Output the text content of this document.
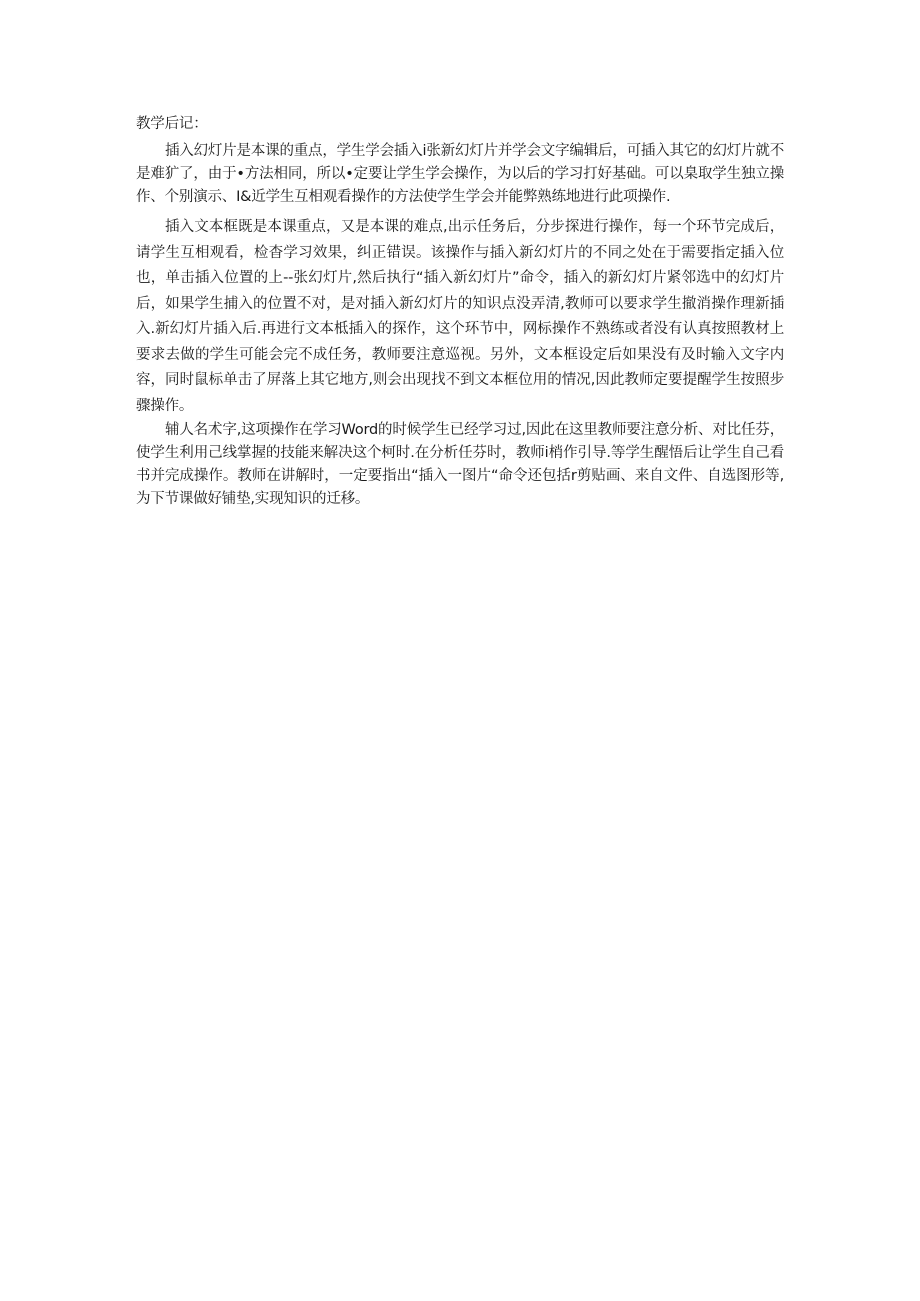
教学后记：

插入幻灯片是本课的重点，学生学会插入i张新幻灯片并学会文字编辑后，可插入其它的幻灯片就不是难犷了，由于•方法相同，所以•定要让学生学会操作，为以后的学习打好基础。可以臬取学生独立操作、个别演示、I&近学生互相观看操作的方法使学生学会并能弊熟练地进行此项操作.

插入文本框既是本课重点，又是本课的难点,出示任务后，分步探进行操作，每一个环节完成后，请学生互相观看，检杳学习效果，纠正错误。该操作与插入新幻灯片的不同之处在于需要指定插入位也，单击插入位置的上--张幻灯片,然后执行“插入新幻灯片”命令，插入的新幻灯片紧邻选中的幻灯片后，如果学生捕入的位置不对，是对插入新幻灯片的知识点没弄清,教师可以要求学生撤消操作理新插入.新幻灯片插入后.再进行文本柢插入的探作，这个环节中，网标操作不熟练或者没有认真按照教材上要求去做的学生可能会完不成任务，教师要注意巡视。另外，文本框设定后如果没有及时输入文字内容，同时鼠标单击了屏落上其它地方,则会出现找不到文本框位用的情况,因此教师定要提醒学生按照步骤操作。

辅人名术字,这项操作在学习Word的时候学生已经学习过,因此在这里教师要注意分析、对比任芬，使学生利用己线掌握的技能来解决这个柯时.在分析任芬时，教师i梢作引导.等学生醒悟后让学生自己看书并完成操作。教师在讲解时，一定要指出“插入一图片“命令还包括r剪贴画、来自文件、自选图形等,为下节课做好铺垫,实现知识的迁移。
